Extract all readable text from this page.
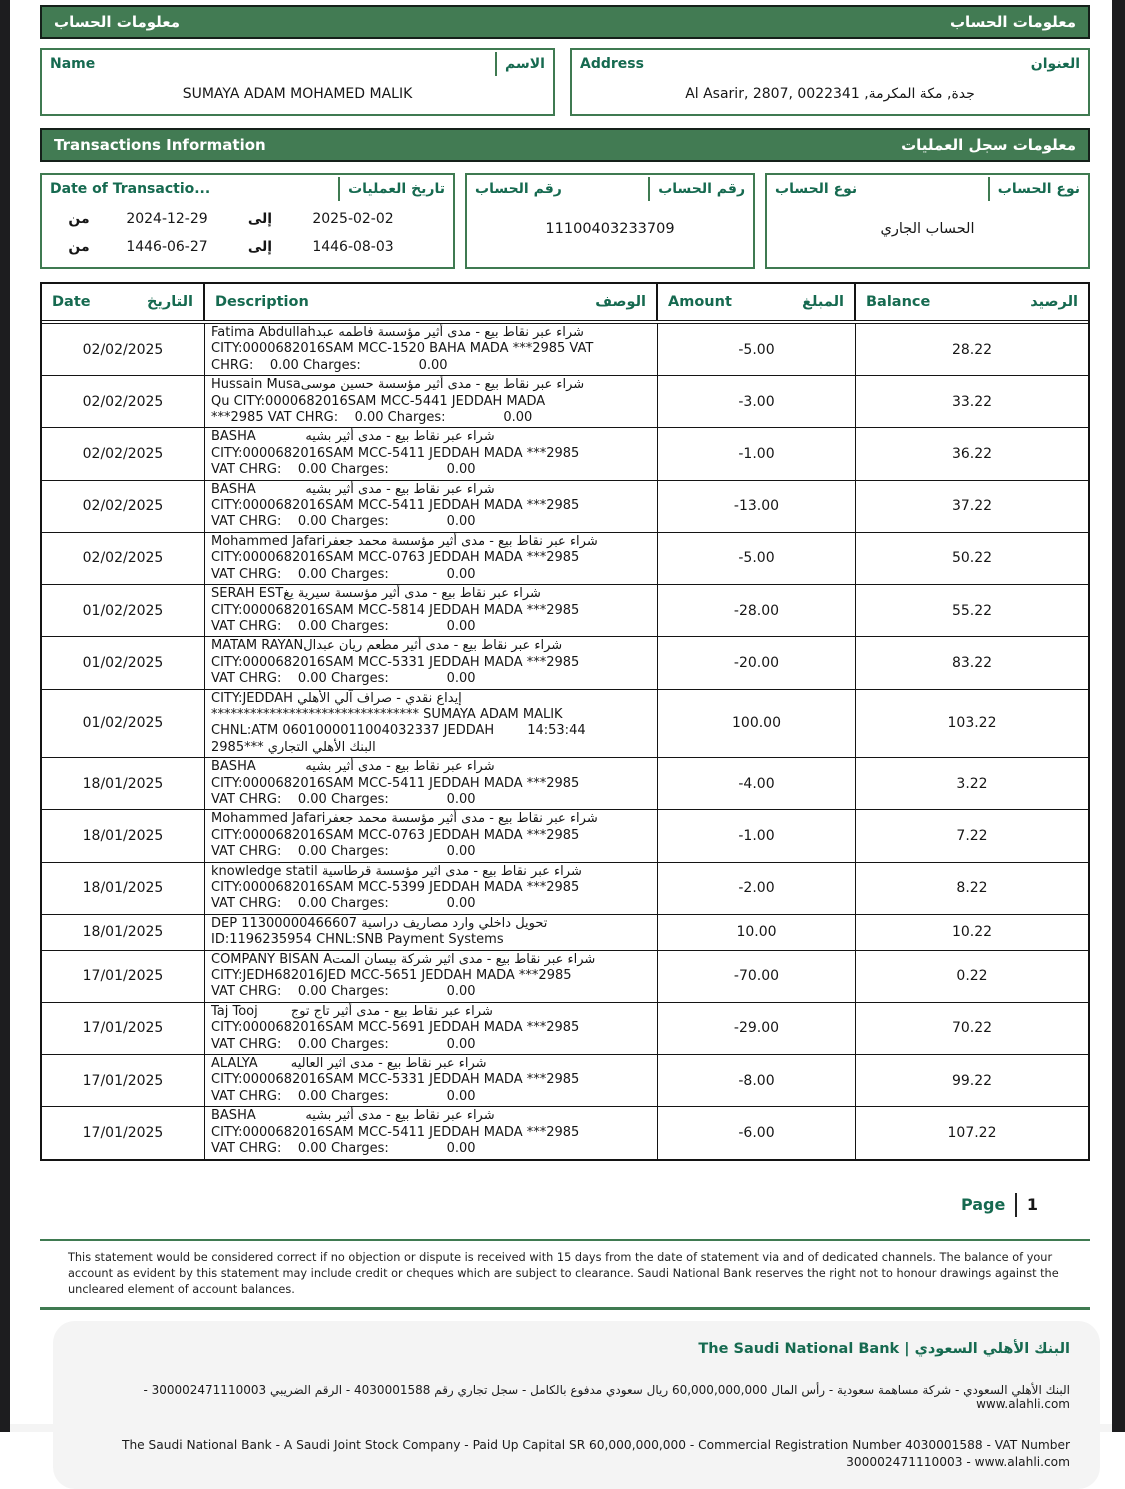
معلومات الحساب	معلومات الحساب
Name	الاسم
SUMAYA ADAM MOHAMED MALIK
Address	العنوان
جدة, مكة المكرمة, Al Asarir, 2807, 0022341
Transactions Information	معلومات سجل العمليات
Date of Transactio...	تاريخ العمليات
من	2024-12-29	إلى	2025-02-02
من	1446-06-27	إلى	1446-08-03
رقم الحساب	رقم الحساب
11100403233709
نوع الحساب	نوع الحساب
الحساب الجاري
Date	التاريخ Description	الوصف Amount	المبلغ Balance	الرصيد
02/02/2025
شراء عبر نقاط بيع - مدى أثير مؤسسة فاطمه عبدFatima Abdullah
CITY:0000682016SAM MCC-1520 BAHA MADA ***2985 VAT
CHRG:    0.00 Charges:              0.00
-5.00	28.22
02/02/2025
شراء عبر نقاط بيع - مدى أثير مؤسسة حسين موسىHussain Musa
Qu CITY:0000682016SAM MCC-5441 JEDDAH MADA
***2985 VAT CHRG:    0.00 Charges:              0.00
-3.00	33.22
02/02/2025
شراء عبر نقاط بيع - مدى أثير بشيه            BASHA
CITY:0000682016SAM MCC-5411 JEDDAH MADA ***2985
VAT CHRG:    0.00 Charges:              0.00
-1.00	36.22
02/02/2025
شراء عبر نقاط بيع - مدى أثير بشيه            BASHA
CITY:0000682016SAM MCC-5411 JEDDAH MADA ***2985
VAT CHRG:    0.00 Charges:              0.00
-13.00	37.22
02/02/2025
شراء عبر نقاط بيع - مدى أثير مؤسسة محمد جعفرMohammed Jafari
CITY:0000682016SAM MCC-0763 JEDDAH MADA ***2985
VAT CHRG:    0.00 Charges:              0.00
-5.00	50.22
01/02/2025
شراء عبر نقاط بيع - مدى أثير مؤسسة سيرية يغSERAH EST
CITY:0000682016SAM MCC-5814 JEDDAH MADA ***2985
VAT CHRG:    0.00 Charges:              0.00
-28.00	55.22
01/02/2025
شراء عبر نقاط بيع - مدى أثير مطعم ريان عبدالMATAM RAYAN
CITY:0000682016SAM MCC-5331 JEDDAH MADA ***2985
VAT CHRG:    0.00 Charges:              0.00
-20.00	83.22
01/02/2025
إيداع نقدي - صراف آلي الأهلي CITY:JEDDAH
******************************** SUMAYA ADAM MALIK
CHNL:ATM 0601000011004032337 JEDDAH        14:53:44
البنك الأهلي التجاري ***2985
100.00	103.22
18/01/2025
شراء عبر نقاط بيع - مدى أثير بشيه            BASHA
CITY:0000682016SAM MCC-5411 JEDDAH MADA ***2985
VAT CHRG:    0.00 Charges:              0.00
-4.00	3.22
18/01/2025
شراء عبر نقاط بيع - مدى أثير مؤسسة محمد جعفرMohammed Jafari
CITY:0000682016SAM MCC-0763 JEDDAH MADA ***2985
VAT CHRG:    0.00 Charges:              0.00
-1.00	7.22
18/01/2025
شراء عبر نقاط بيع - مدى اثير مؤسسة قرطاسية knowledge statil
CITY:0000682016SAM MCC-5399 JEDDAH MADA ***2985
VAT CHRG:    0.00 Charges:              0.00
-2.00	8.22
18/01/2025
تحويل داخلي وارد مصاريف دراسية DEP 11300000466607
ID:1196235954 CHNL:SNB Payment Systems	10.00	10.22
17/01/2025
شراء عبر نقاط بيع - مدى اثير شركة بيسان المتCOMPANY BISAN A
CITY:JEDH682016JED MCC-5651 JEDDAH MADA ***2985
VAT CHRG:    0.00 Charges:              0.00
-70.00	0.22
17/01/2025
شراء عبر نقاط بيع - مدى أثير تاج توج        Taj Tooj
CITY:0000682016SAM MCC-5691 JEDDAH MADA ***2985
VAT CHRG:    0.00 Charges:              0.00
-29.00	70.22
17/01/2025
شراء عبر نقاط بيع - مدى اثير العاليه        ALALYA
CITY:0000682016SAM MCC-5331 JEDDAH MADA ***2985
VAT CHRG:    0.00 Charges:              0.00
-8.00	99.22
17/01/2025
شراء عبر نقاط بيع - مدى أثير بشيه            BASHA
CITY:0000682016SAM MCC-5411 JEDDAH MADA ***2985
VAT CHRG:    0.00 Charges:              0.00
-6.00	107.22
Page 1
This statement would be considered correct if no objection or dispute is received with 15 days from the date of statement via and of dedicated channels. The balance of your account as evident by this statement may include credit or cheques which are subject to clearance. Saudi National Bank reserves the right not to honour drawings against the uncleared element of account balances.
The Saudi National Bank | البنك الأهلي السعودي
البنك الأهلي السعودي - شركة مساهمة سعودية - رأس المال 60,000,000,000 ريال سعودي مدفوع بالكامل - سجل تجاري رقم 4030001588 - الرقم الضريبي 300002471110003 - www.alahli.com
The Saudi National Bank - A Saudi Joint Stock Company - Paid Up Capital SR 60,000,000,000 - Commercial Registration Number 4030001588 - VAT Number 300002471110003 - www.alahli.com
